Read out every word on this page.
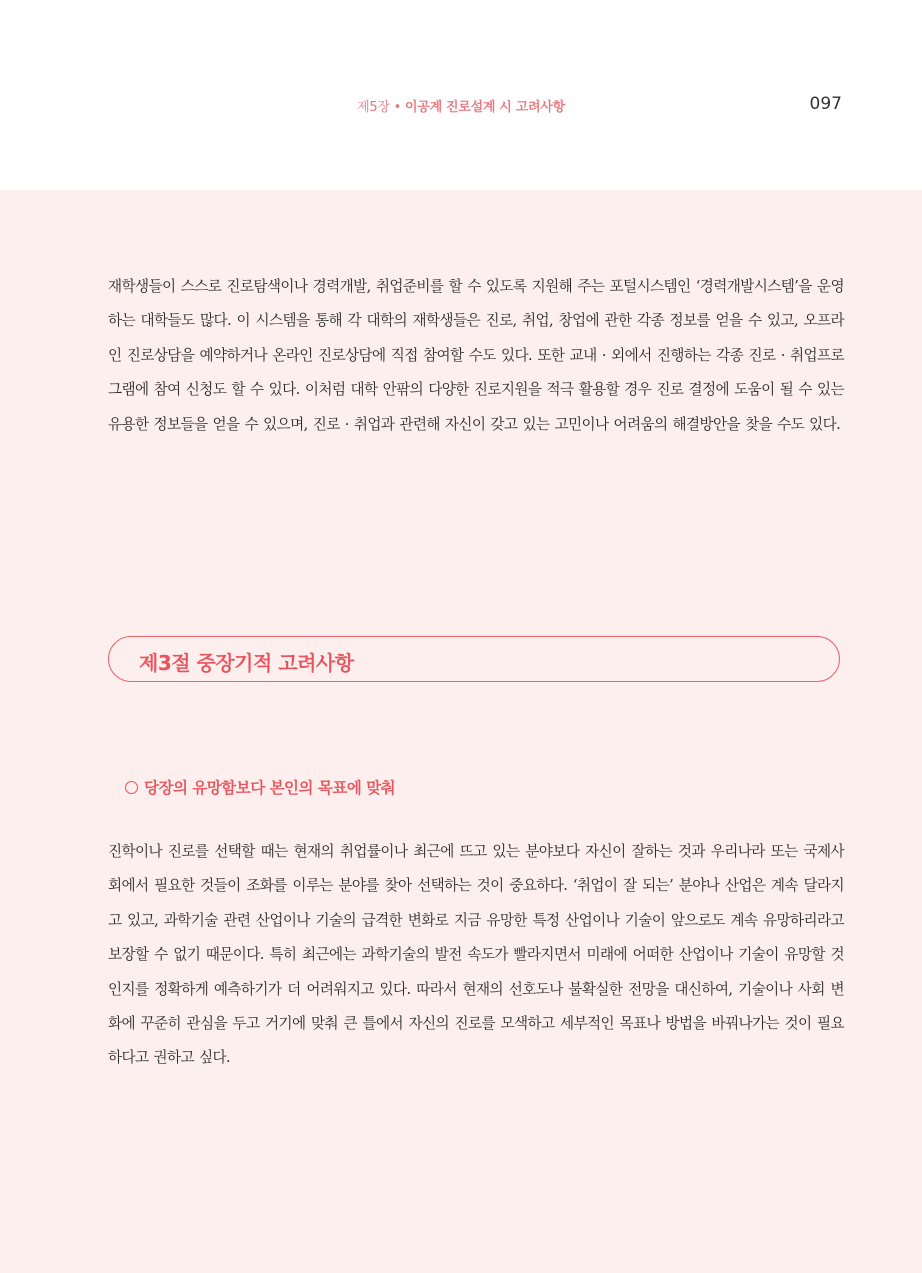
제5장 • 이공계 진로설계 시 고려사항	097

재학생들이 스스로 진로탐색이나 경력개발, 취업준비를 할 수 있도록 지원해 주는 포털시스템인 ‘경력개발시스템’을 운영하는 대학들도 많다. 이 시스템을 통해 각 대학의 재학생들은 진로, 취업, 창업에 관한 각종 정보를 얻을 수 있고, 오프라인 진로상담을 예약하거나 온라인 진로상담에 직접 참여할 수도 있다. 또한 교내 · 외에서 진행하는 각종 진로 · 취업프로그램에 참여 신청도 할 수 있다. 이처럼 대학 안팎의 다양한 진로지원을 적극 활용할 경우 진로 결정에 도움이 될 수 있는 유용한 정보들을 얻을 수 있으며, 진로 · 취업과 관련해 자신이 갖고 있는 고민이나 어려움의 해결방안을 찾을 수도 있다.

제3절 중장기적 고려사항
당장의 유망함보다 본인의 목표에 맞춰

진학이나 진로를 선택할 때는 현재의 취업률이나 최근에 뜨고 있는 분야보다 자신이 잘하는 것과 우리나라 또는 국제사회에서 필요한 것들이 조화를 이루는 분야를 찾아 선택하는 것이 중요하다. ‘취업이 잘 되는’ 분야나 산업은 계속 달라지고 있고, 과학기술 관련 산업이나 기술의 급격한 변화로 지금 유망한 특정 산업이나 기술이 앞으로도 계속 유망하리라고 보장할 수 없기 때문이다. 특히 최근에는 과학기술의 발전 속도가 빨라지면서 미래에 어떠한 산업이나 기술이 유망할 것인지를 정확하게 예측하기가 더 어려워지고 있다. 따라서 현재의 선호도나 불확실한 전망을 대신하여, 기술이나 사회 변화에 꾸준히 관심을 두고 거기에 맞춰 큰 틀에서 자신의 진로를 모색하고 세부적인 목표나 방법을 바꿔나가는 것이 필요하다고 권하고 싶다.
